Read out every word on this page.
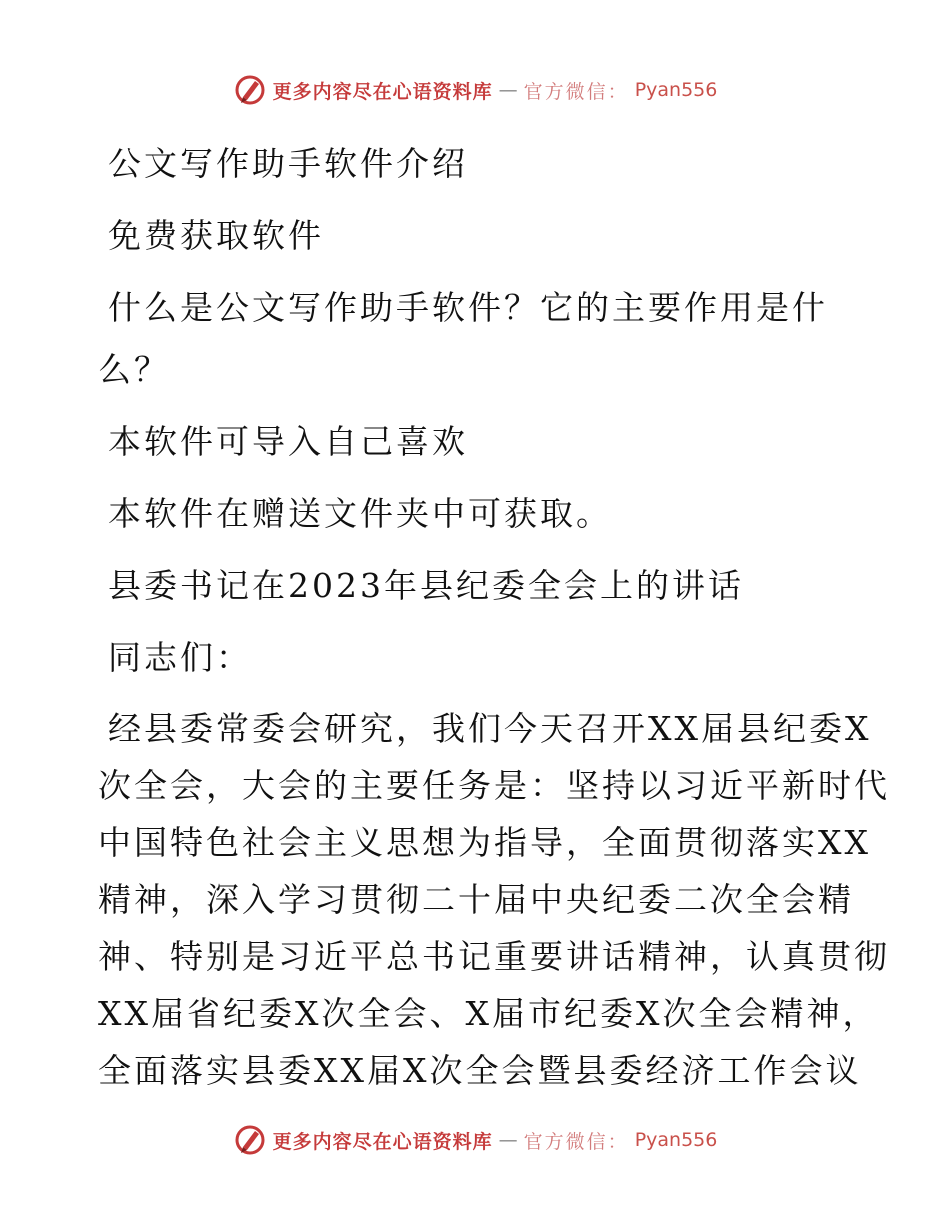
更多内容尽在心语资料库 — 官方微信： Pyan556
公文写作助手软件介绍
免费获取软件
什么是公文写作助手软件？它的主要作用是什
么？
本软件可导入自己喜欢
本软件在赠送文件夹中可获取。
县委书记在2023年县纪委全会上的讲话
同志们：
经县委常委会研究，我们今天召开XX届县纪委X
次全会，大会的主要任务是：坚持以习近平新时代
中国特色社会主义思想为指导，全面贯彻落实XX
精神，深入学习贯彻二十届中央纪委二次全会精
神、特别是习近平总书记重要讲话精神，认真贯彻
XX届省纪委X次全会、X届市纪委X次全会精神，
全面落实县委XX届X次全会暨县委经济工作会议
更多内容尽在心语资料库 — 官方微信： Pyan556
